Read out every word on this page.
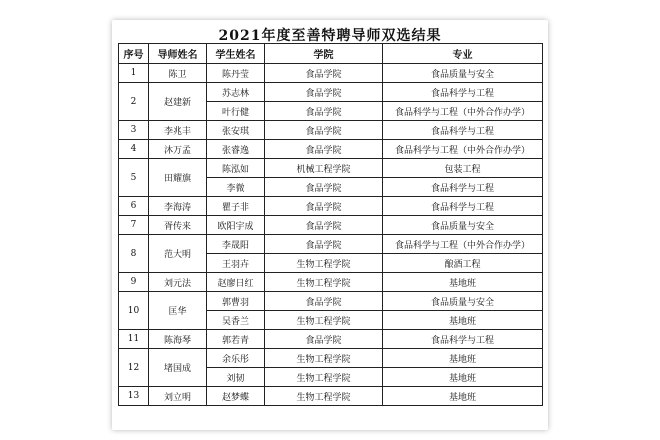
2021年度至善特聘导师双选结果
序号	导师姓名	学生姓名	学院	专业
1	陈卫	陈丹莹	食品学院	食品质量与安全
2	赵建新	苏志林	食品学院	食品科学与工程
		叶行健	食品学院	食品科学与工程（中外合作办学）
3	李兆丰	张安琪	食品学院	食品科学与工程
4	沐万孟	张睿逸	食品学院	食品科学与工程（中外合作办学）
5	田耀旗	陈泓如	机械工程学院	包装工程
		李微	食品学院	食品科学与工程
6	李海涛	瞿子非	食品学院	食品科学与工程
7	胥传来	欧阳宇成	食品学院	食品质量与安全
8	范大明	李晟阳	食品学院	食品科学与工程（中外合作办学）
		王羽卉	生物工程学院	酿酒工程
9	刘元法	赵廖日红	生物工程学院	基地班
10	匡华	郭曹羽	食品学院	食品质量与安全
		吴香兰	生物工程学院	基地班
11	陈海琴	郭若青	食品学院	食品科学与工程
12	堵国成	余乐彤	生物工程学院	基地班
		刘韧	生物工程学院	基地班
13	刘立明	赵梦蝶	生物工程学院	基地班
